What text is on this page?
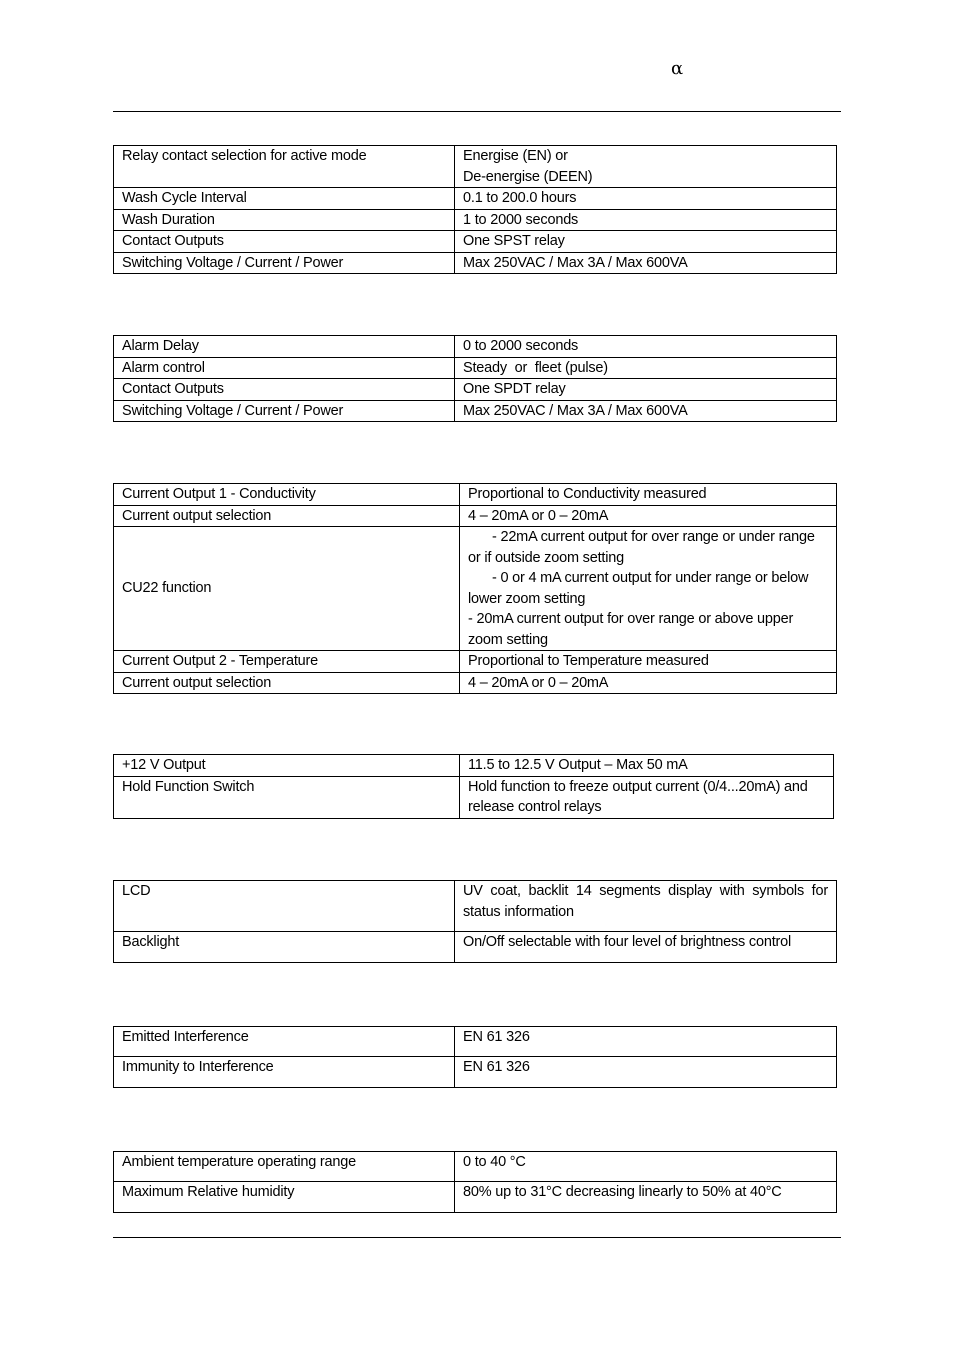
α
Relay contact selection for active mode	Energise (EN) or
De-energise (DEEN)

Wash Cycle Interval	0.1 to 200.0 hours
Wash Duration	1 to 2000 seconds
Contact Outputs	One SPST relay
Switching Voltage / Current / Power	Max 250VAC / Max 3A / Max 600VA
Alarm Delay	0 to 2000 seconds
Alarm control	Steady  or  fleet (pulse)
Contact Outputs	One SPDT relay
Switching Voltage / Current / Power	Max 250VAC / Max 3A / Max 600VA
Current Output 1 - Conductivity	Proportional to Conductivity measured
Current output selection	4 – 20mA or 0 – 20mA
CU22 function	- 22mA current output for over range or under range or if outside zoom setting
- 0 or 4 mA current output for under range or below lower zoom setting
- 20mA current output for over range or above upper zoom setting

Current Output 2 - Temperature	Proportional to Temperature measured
Current output selection	4 – 20mA or 0 – 20mA
+12 V Output	11.5 to 12.5 V Output – Max 50 mA
Hold Function Switch	Hold function to freeze output current (0/4...20mA) and release control relays
LCD	UV coat, backlit 14 segments display with symbols for status information
Backlight	On/Off selectable with four level of brightness control
Emitted Interference	EN 61 326
Immunity to Interference	EN 61 326
Ambient temperature operating range	0 to 40 °C
Maximum Relative humidity	80% up to 31°C decreasing linearly to 50% at 40°C
